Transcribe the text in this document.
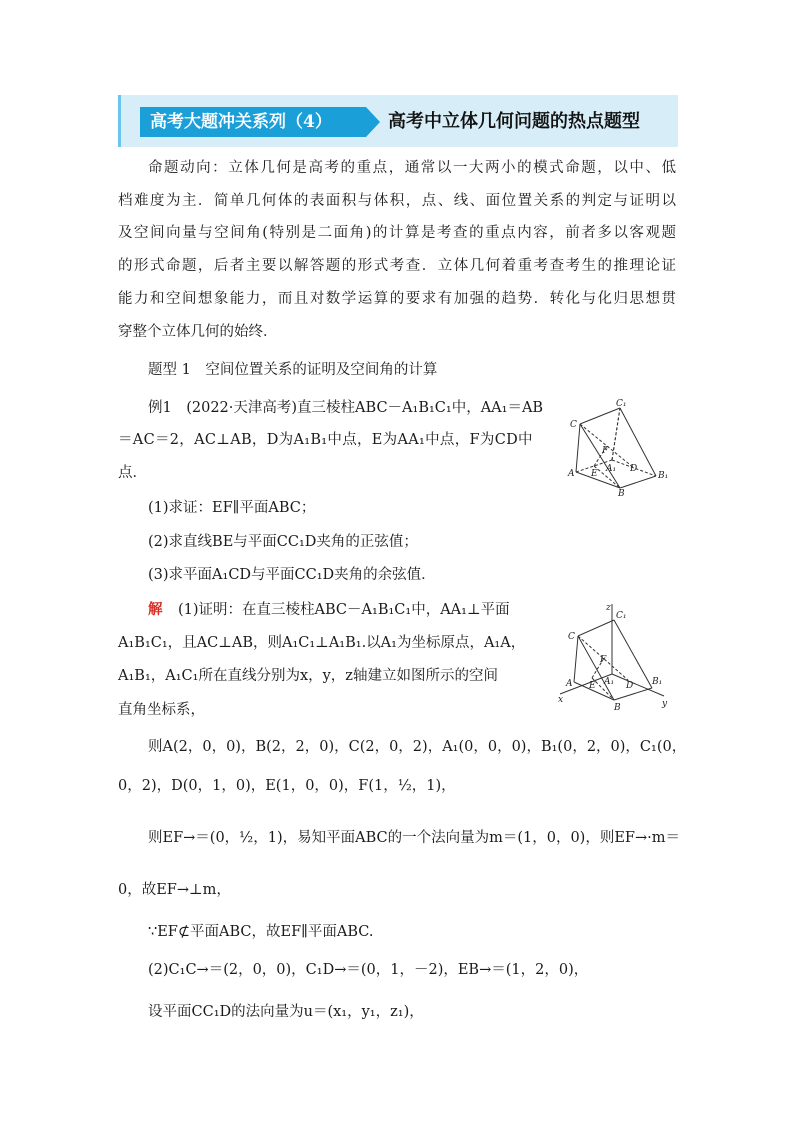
高考大题冲关系列（4）	高考中立体几何问题的热点题型
命题动向：立体几何是高考的重点，通常以一大两小的模式命题，以中、低
档难度为主．简单几何体的表面积与体积，点、线、面位置关系的判定与证明以
及空间向量与空间角(特别是二面角)的计算是考查的重点内容，前者多以客观题
的形式命题，后者主要以解答题的形式考查．立体几何着重考查考生的推理论证
能力和空间想象能力，而且对数学运算的要求有加强的趋势．转化与化归思想贯
穿整个立体几何的始终．
题型 1　空间位置关系的证明及空间角的计算
例1　(2022·天津高考)直三棱柱ABC－A₁B₁C₁中，AA₁＝AB
＝AC＝2，AC⊥AB，D为A₁B₁中点，E为AA₁中点，F为CD中
点．
(1)求证：EF∥平面ABC；
(2)求直线BE与平面CC₁D夹角的正弦值；
(3)求平面A₁CD与平面CC₁D夹角的余弦值．
解 (1)证明：在直三棱柱ABC－A₁B₁C₁中，AA₁⊥平面
A₁B₁C₁，且AC⊥AB，则A₁C₁⊥A₁B₁.以A₁为坐标原点，A₁A，
A₁B₁，A₁C₁所在直线分别为x，y，z轴建立如图所示的空间
直角坐标系，
则A(2，0，0)，B(2，2，0)，C(2，0，2)，A₁(0，0，0)，B₁(0，2，0)，C₁(0，
0，2)，D(0，1，0)，E(1，0，0)，F(1，½，1)，
则EF→＝(0，½，1)，易知平面ABC的一个法向量为m＝(1，0，0)，则EF→·m＝
0，故EF→⊥m，
∵EF⊄平面ABC，故EF∥平面ABC.
(2)C₁C→＝(2，0，0)，C₁D→＝(0，1，－2)，EB→＝(1，2，0)，
设平面CC₁D的法向量为u＝(x₁，y₁，z₁)，
C
C₁
A E
F
A₁ D
B
B₁
z
C₁
C
F
A E A₁ D B₁
B
x	y
